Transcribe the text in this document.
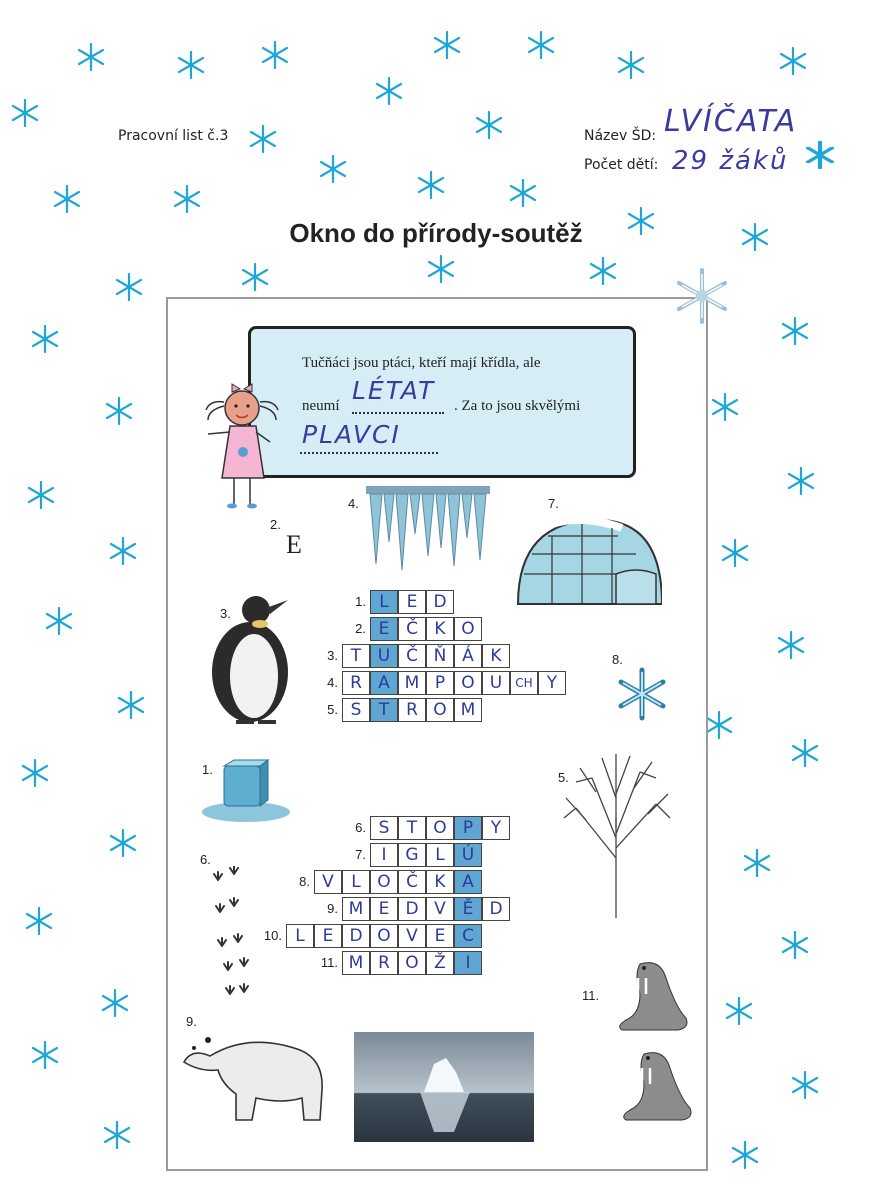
Pracovní list č.3	Název ŠD:
Počet dětí:
LVÍČATA
29 žáků
Okno do přírody-soutěž
Tučňáci jsou ptáci, kteří mají křídla, ale
neumí	. Za to jsou skvělými
LÉTAT
PLAVCI
4.
2.
E
7.
3.
8.
1.
5.
6.
9.
11.
1. L	E D
2. E Č K O
3. T U Č Ň Á K
4. R A M P O U	CH Y
5. S	T R O M
6. S	T O P	Y
7. I	G L	Ú
8. V	L O Č K A
9. M E D V Ě D
10. L	E D O V E C
11. M R O Ž	I
